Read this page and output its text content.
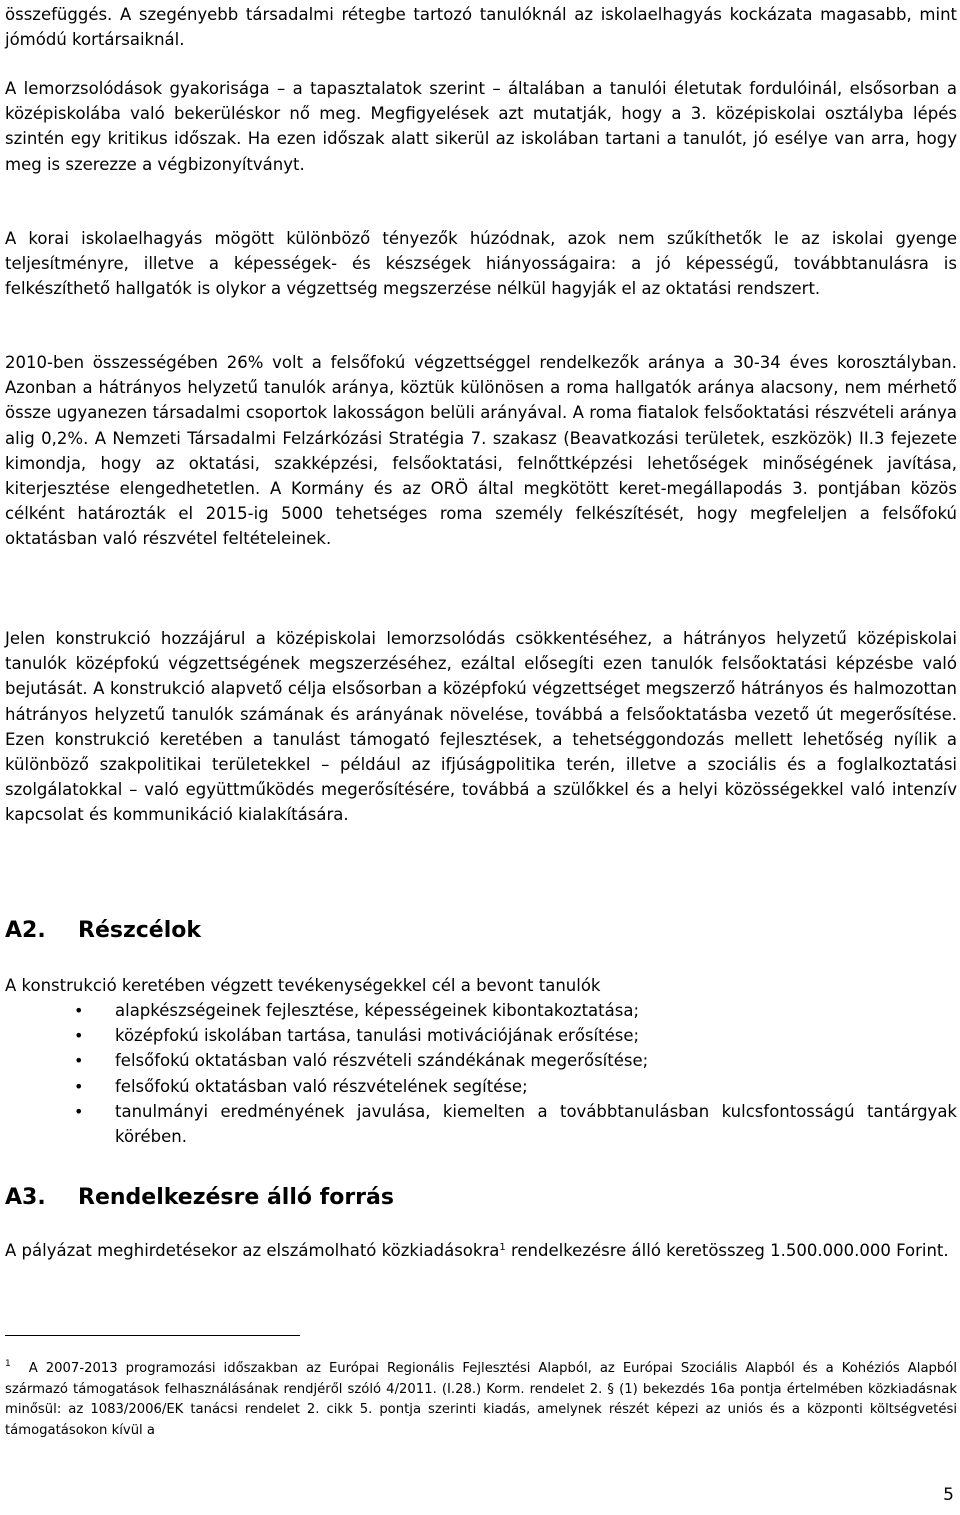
összefüggés. A szegényebb társadalmi rétegbe tartozó tanulóknál az iskolaelhagyás kockázata magasabb, mint jómódú kortársaiknál.

A lemorzsolódások gyakorisága – a tapasztalatok szerint – általában a tanulói életutak fordulóinál, elsősorban a középiskolába való bekerüléskor nő meg. Megfigyelések azt mutatják, hogy a 3. középiskolai osztályba lépés szintén egy kritikus időszak. Ha ezen időszak alatt sikerül az iskolában tartani a tanulót, jó esélye van arra, hogy meg is szerezze a végbizonyítványt.

A korai iskolaelhagyás mögött különböző tényezők húzódnak, azok nem szűkíthetők le az iskolai gyenge teljesítményre, illetve a képességek- és készségek hiányosságaira: a jó képességű, továbbtanulásra is felkészíthető hallgatók is olykor a végzettség megszerzése nélkül hagyják el az oktatási rendszert.

2010-ben összességében 26% volt a felsőfokú végzettséggel rendelkezők aránya a 30-34 éves korosztályban. Azonban a hátrányos helyzetű tanulók aránya, köztük különösen a roma hallgatók aránya alacsony, nem mérhető össze ugyanezen társadalmi csoportok lakosságon belüli arányával. A roma fiatalok felsőoktatási részvételi aránya alig 0,2%. A Nemzeti Társadalmi Felzárkózási Stratégia 7. szakasz (Beavatkozási területek, eszközök) II.3 fejezete kimondja, hogy az oktatási, szakképzési, felsőoktatási, felnőttképzési lehetőségek minőségének javítása, kiterjesztése elengedhetetlen. A Kormány és az ORÖ által megkötött keret-megállapodás 3. pontjában közös célként határozták el 2015-ig 5000 tehetséges roma személy felkészítését, hogy megfeleljen a felsőfokú oktatásban való részvétel feltételeinek.

Jelen konstrukció hozzájárul a középiskolai lemorzsolódás csökkentéséhez, a hátrányos helyzetű középiskolai tanulók középfokú végzettségének megszerzéséhez, ezáltal elősegíti ezen tanulók felsőoktatási képzésbe való bejutását. A konstrukció alapvető célja elsősorban a középfokú végzettséget megszerző hátrányos és halmozottan hátrányos helyzetű tanulók számának és arányának növelése, továbbá a felsőoktatásba vezető út megerősítése. Ezen konstrukció keretében a tanulást támogató fejlesztések, a tehetséggondozás mellett lehetőség nyílik a különböző szakpolitikai területekkel – például az ifjúságpolitika terén, illetve a szociális és a foglalkoztatási szolgálatokkal – való együttműködés megerősítésére, továbbá a szülőkkel és a helyi közösségekkel való intenzív kapcsolat és kommunikáció kialakítására.

A2. Részcélok

A konstrukció keretében végzett tevékenységekkel cél a bevont tanulók

• alapkészségeinek fejlesztése, képességeinek kibontakoztatása;
• középfokú iskolában tartása, tanulási motivációjának erősítése;
• felsőfokú oktatásban való részvételi szándékának megerősítése;
• felsőfokú oktatásban való részvételének segítése;
• tanulmányi eredményének javulása, kiemelten a továbbtanulásban kulcsfontosságú tantárgyak körében.
A3. Rendelkezésre álló forrás

A pályázat meghirdetésekor az elszámolható közkiadásokra$^1$ rendelkezésre álló keretösszeg 1.500.000.000 Forint.

$^1$ A 2007-2013 programozási időszakban az Európai Regionális Fejlesztési Alapból, az Európai Szociális Alapból és a Kohéziós Alapból származó támogatások felhasználásának rendjéről szóló 4/2011. (I.28.) Korm. rendelet 2. § (1) bekezdés 16a pontja értelmében közkiadásnak minősül: az 1083/2006/EK tanácsi rendelet 2. cikk 5. pontja szerinti kiadás, amelynek részét képezi az uniós és a központi költségvetési támogatásokon kívül a

5
